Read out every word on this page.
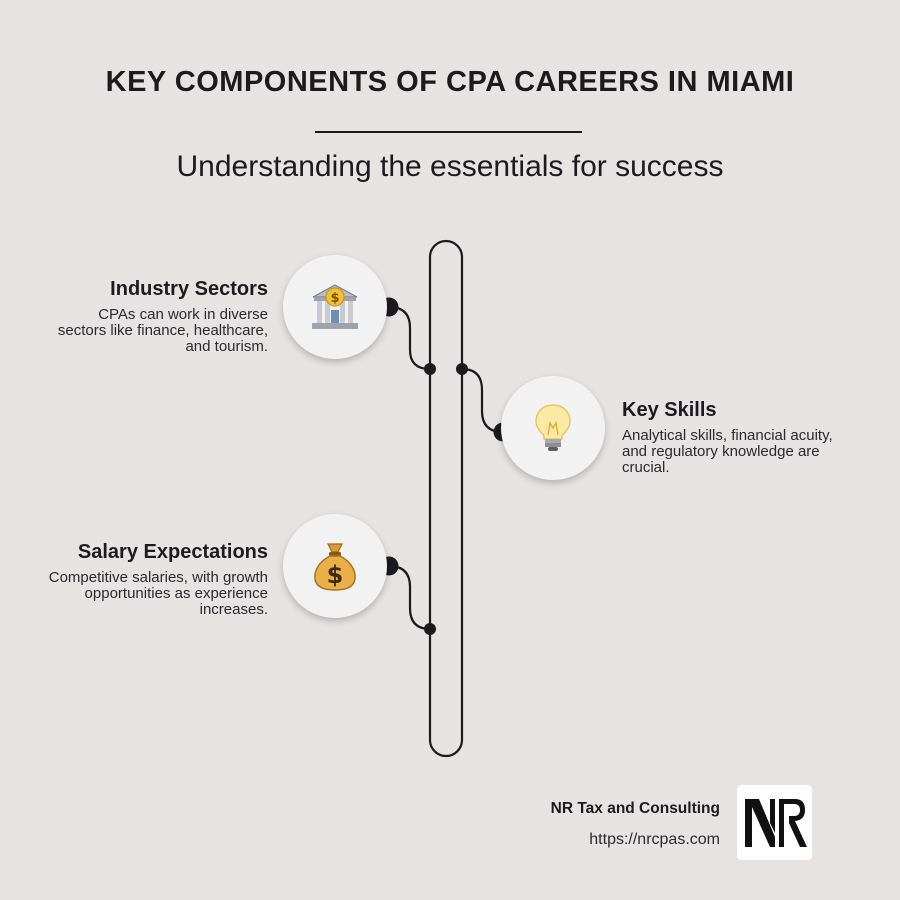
KEY COMPONENTS OF CPA CAREERS IN MIAMI

Understanding the essentials for success

Industry Sectors

CPAs can work in diverse sectors like finance, healthcare, and tourism.

$

Key Skills

Analytical skills, financial acuity, and regulatory knowledge are crucial.

Salary Expectations

Competitive salaries, with growth opportunities as experience increases.

$
NR Tax and Consulting
https://nrcpas.com
